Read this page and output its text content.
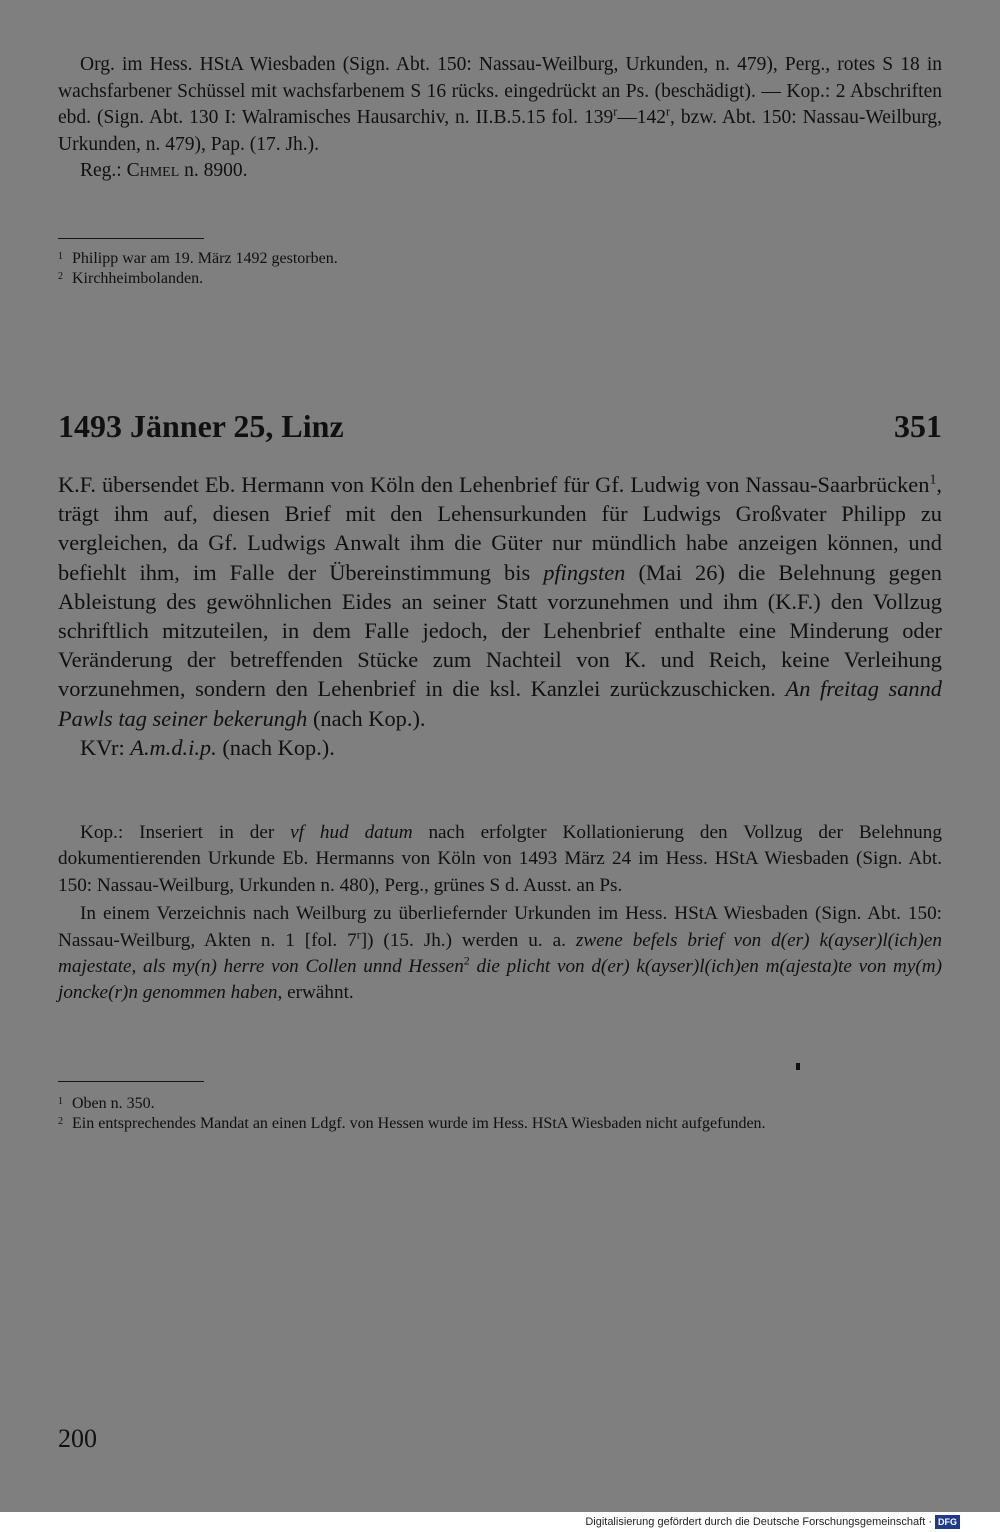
Org. im Hess. HStA Wiesbaden (Sign. Abt. 150: Nassau-Weilburg, Urkunden, n. 479), Perg., rotes S 18 in wachsfarbener Schüssel mit wachsfarbenem S 16 rücks. eingedrückt an Ps. (beschädigt). — Kop.: 2 Abschriften ebd. (Sign. Abt. 130 I: Walramisches Hausarchiv, n. II.B.5.15 fol. 139$^r$—142$^r$, bzw. Abt. 150: Nassau-Weilburg, Urkunden, n. 479), Pap. (17. Jh.).

Reg.: Chmel n. 8900.

$^1$ Philipp war am 19. März 1492 gestorben.

$^2$ Kirchheimbolanden.

1493 Jänner 25, Linz	351

K.F. übersendet Eb. Hermann von Köln den Lehenbrief für Gf. Ludwig von Nassau-Saarbrücken$^1$, trägt ihm auf, diesen Brief mit den Lehensurkunden für Ludwigs Großvater Philipp zu vergleichen, da Gf. Ludwigs Anwalt ihm die Güter nur mündlich habe anzeigen können, und befiehlt ihm, im Falle der Übereinstimmung bis pfingsten (Mai 26) die Belehnung gegen Ableistung des gewöhnlichen Eides an seiner Statt vorzunehmen und ihm (K.F.) den Vollzug schriftlich mitzuteilen, in dem Falle jedoch, der Lehenbrief enthalte eine Minderung oder Veränderung der betreffenden Stücke zum Nachteil von K. und Reich, keine Verleihung vorzunehmen, sondern den Lehenbrief in die ksl. Kanzlei zurückzuschicken. An freitag sannd Pawls tag seiner bekerungh (nach Kop.).

KVr: A.m.d.i.p. (nach Kop.).

Kop.: Inseriert in der vf hud datum nach erfolgter Kollationierung den Vollzug der Belehnung dokumentierenden Urkunde Eb. Hermanns von Köln von 1493 März 24 im Hess. HStA Wiesbaden (Sign. Abt. 150: Nassau-Weilburg, Urkunden n. 480), Perg., grünes S d. Ausst. an Ps.

In einem Verzeichnis nach Weilburg zu überliefernder Urkunden im Hess. HStA Wiesbaden (Sign. Abt. 150: Nassau-Weilburg, Akten n. 1 [fol. 7$^r$]) (15. Jh.) werden u. a. zwene befels brief von d(er) k(ayser)l(ich)en majestate, als my(n) herre von Collen unnd Hessen$^2$ die plicht von d(er) k(ayser)l(ich)en m(ajesta)te von my(m) joncke(r)n genommen haben, erwähnt.

$^1$ Oben n. 350.

$^2$ Ein entsprechendes Mandat an einen Ldgf. von Hessen wurde im Hess. HStA Wiesbaden nicht aufgefunden.

200
Digitalisierung gefördert durch die Deutsche Forschungsgemeinschaft · DFG
